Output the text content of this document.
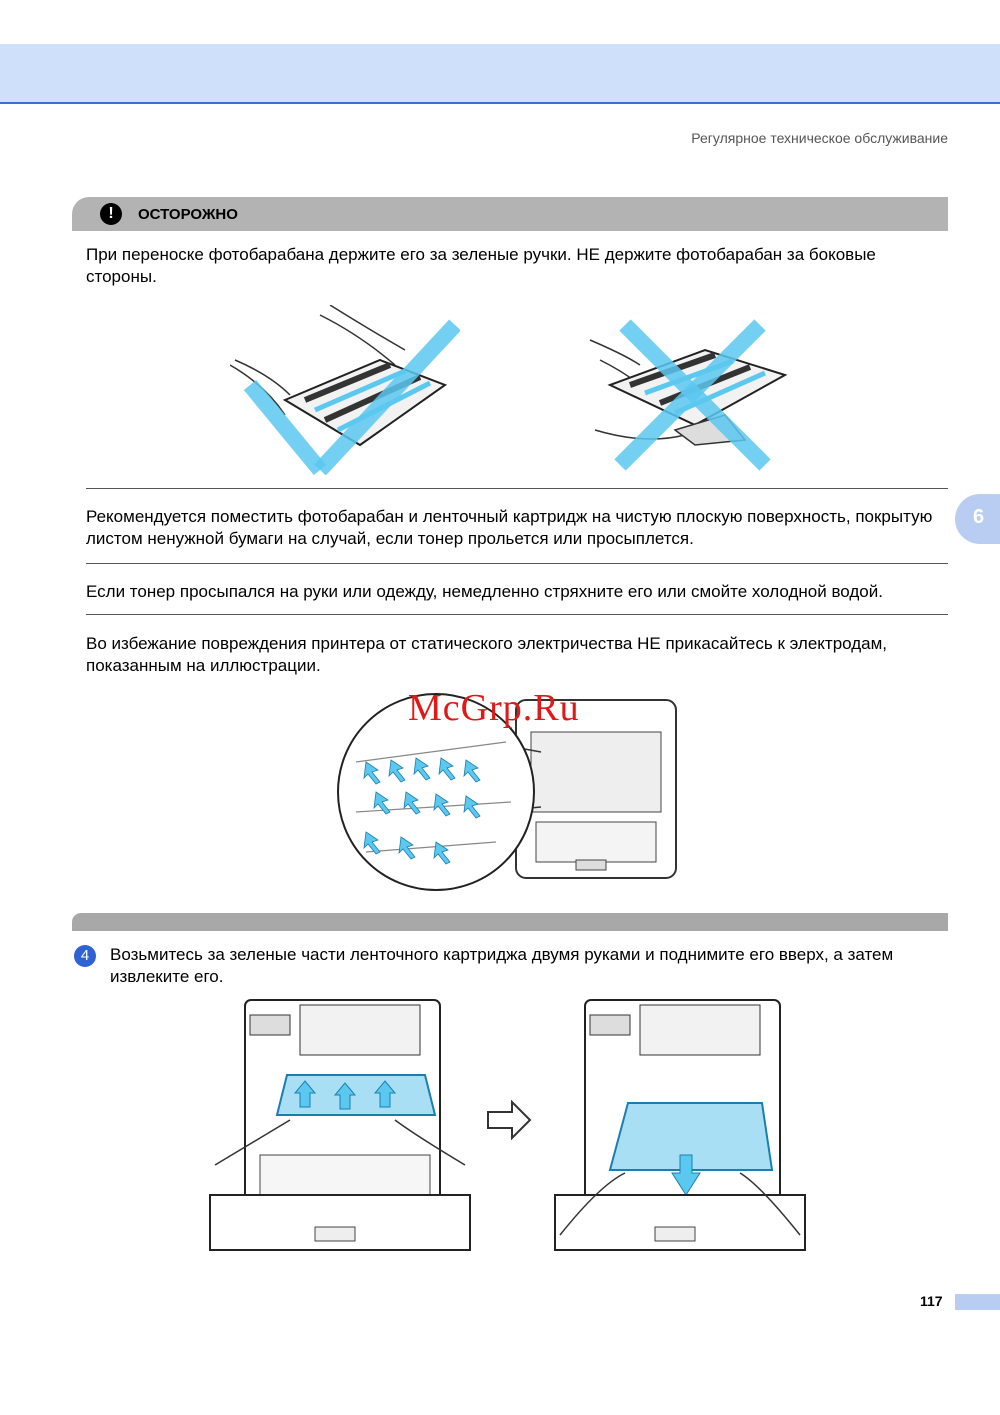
Регулярное техническое обслуживание
6
!	ОСТОРОЖНО
При переноске фотобарабана держите его за зеленые ручки. НЕ держите фотобарабан за боковые стороны.
Рекомендуется поместить фотобарабан и ленточный картридж на чистую плоскую поверхность, покрытую листом ненужной бумаги на случай, если тонер прольется или просыплется.
Если тонер просыпался на руки или одежду, немедленно стряхните его или смойте холодной водой.
Во избежание повреждения принтера от статического электричества НЕ прикасайтесь к электродам, показанным на иллюстрации.
McGrp.Ru
4	Возьмитесь за зеленые части ленточного картриджа двумя руками и поднимите его вверх, а затем извлеките его.
117
